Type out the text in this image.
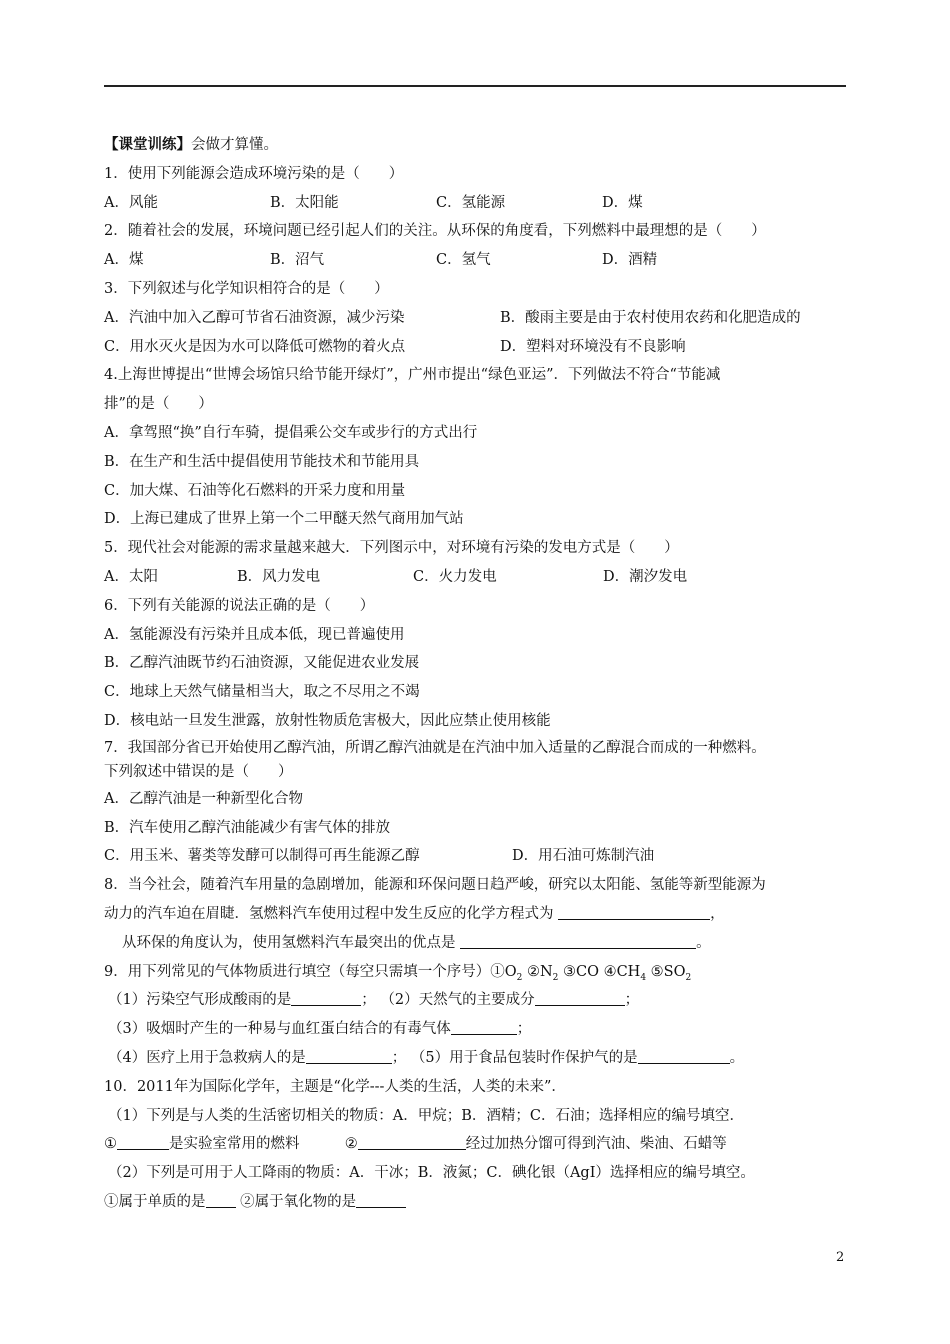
【课堂训练】会做才算懂。
1．使用下列能源会造成环境污染的是（　　）
A．风能	B．太阳能	C．氢能源	D．煤
2．随着社会的发展，环境问题已经引起人们的关注。从环保的角度看，下列燃料中最理想的是（　　）
A．煤	B．沼气	C．氢气	D．酒精
3．下列叙述与化学知识相符合的是（　　）
A．汽油中加入乙醇可节省石油资源，减少污染	B．酸雨主要是由于农村使用农药和化肥造成的
C．用水灭火是因为水可以降低可燃物的着火点	D．塑料对环境没有不良影响
4.上海世博提出“世博会场馆只给节能开绿灯”，广州市提出“绿色亚运”．下列做法不符合“节能减
排”的是（　　）
A．拿驾照“换”自行车骑，提倡乘公交车或步行的方式出行
B．在生产和生活中提倡使用节能技术和节能用具
C．加大煤、石油等化石燃料的开采力度和用量
D．上海已建成了世界上第一个二甲醚天然气商用加气站
5．现代社会对能源的需求量越来越大．下列图示中，对环境有污染的发电方式是（　　）
A．太阳	B．风力发电	C．火力发电	D．潮汐发电
6．下列有关能源的说法正确的是（　　）
A．氢能源没有污染并且成本低，现已普遍使用
B．乙醇汽油既节约石油资源，又能促进农业发展
C．地球上天然气储量相当大，取之不尽用之不竭
D．核电站一旦发生泄露，放射性物质危害极大，因此应禁止使用核能
7．我国部分省已开始使用乙醇汽油，所谓乙醇汽油就是在汽油中加入适量的乙醇混合而成的一种燃料。
下列叙述中错误的是（　　）
A．乙醇汽油是一种新型化合物
B．汽车使用乙醇汽油能减少有害气体的排放
C．用玉米、薯类等发酵可以制得可再生能源乙醇	D．用石油可炼制汽油
8．当今社会，随着汽车用量的急剧增加，能源和环保问题日趋严峻，研究以太阳能、氢能等新型能源为
动力的汽车迫在眉睫．氢燃料汽车使用过程中发生反应的化学方程式为	，
从环保的角度认为，使用氢燃料汽车最突出的优点是	。
9．用下列常见的气体物质进行填空（每空只需填一个序号）$①O_2$ $②N_2$ ③CO $④CH_4$ $⑤SO_2$
（1）污染空气形成酸雨的是	； （2）天然气的主要成分	；
（3）吸烟时产生的一种易与血红蛋白结合的有毒气体	；
（4）医疗上用于急救病人的是	； （5）用于食品包装时作保护气的是	。
10．2011年为国际化学年，主题是“化学---人类的生活，人类的未来”．
（1）下列是与人类的生活密切相关的物质：A．甲烷；B．酒精；C．石油；选择相应的编号填空．
①	是实验室常用的燃料	②	经过加热分馏可得到汽油、柴油、石蜡等
（2）下列是可用于人工降雨的物质：A．干冰；B．液氮；C．碘化银（AgI）选择相应的编号填空。
①属于单质的是 ②属于氧化物的是
2
